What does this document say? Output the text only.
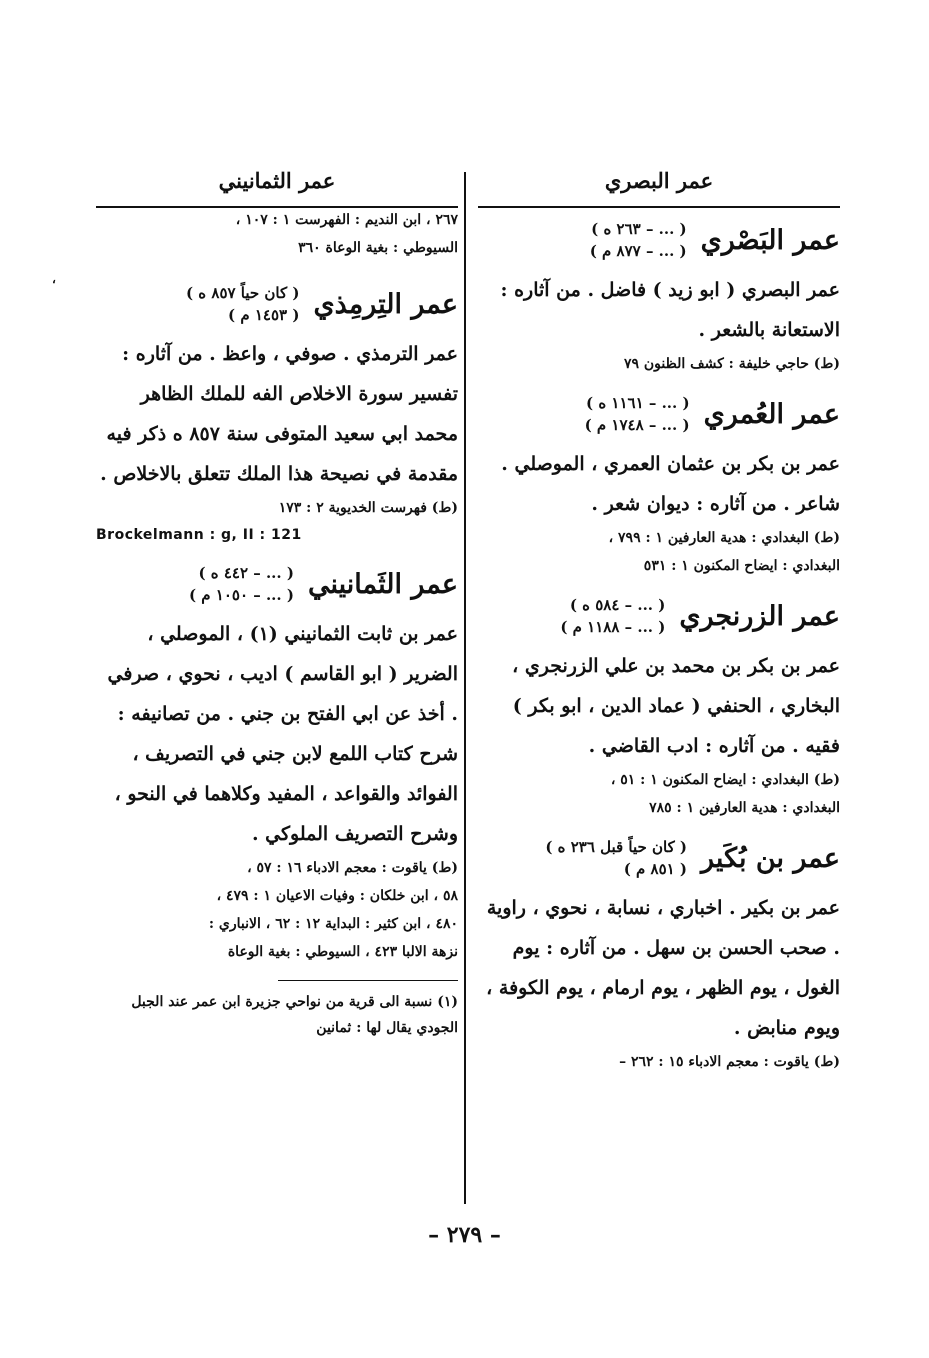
،
عمر البصري
عمر البَصْري
( ... – ٢٦٣ ه )
( ... – ٨٧٧ م )
عمر البصري ( ابو زيد ) فاضل . من آثاره : الاستعانة بالشعر .
(ط) حاجي خليفة : كشف الظنون ٧٩
عمر العُمري
( ... – ١١٦١ ه )
( ... – ١٧٤٨ م )
عمر بن بكر بن عثمان العمري ، الموصلي . شاعر . من آثاره : ديوان شعر .
(ط) البغدادي : هدية العارفين ١ : ٧٩٩ ،
البغدادي : ايضاح المكنون ١ : ٥٣١
عمر الزرنجري
( ... – ٥٨٤ ه )
( ... – ١١٨٨ م )
عمر بن بكر بن محمد بن علي الزرنجري ، البخاري ، الحنفي ( عماد الدين ، ابو بكر ) فقيه . من آثاره : ادب القاضي .
(ط) البغدادي : ايضاح المكنون ١ : ٥١ ،
البغدادي : هدية العارفين ١ : ٧٨٥
عمر بن بُكَير
( كان حياً قبل ٢٣٦ ه )
( ٨٥١ م )
عمر بن بكير . اخباري ، نسابة ، نحوي ، راوية . صحب الحسن بن سهل . من آثاره : يوم الغول ، يوم الظهر ، يوم ارمام ، يوم الكوفة ، ويوم منابض .
(ط) ياقوت : معجم الادباء ١٥ : ٢٦٢ –
عمر الثمانيني
٢٦٧ ، ابن النديم : الفهرست ١ : ١٠٧ ،
السيوطي : بغية الوعاة ٣٦٠
عمر التِرمِذي
( كان حياً ٨٥٧ ه )
( ١٤٥٣ م )
عمر الترمذي . صوفي ، واعظ . من آثاره : تفسير سورة الاخلاص الفه للملك الظاهر محمد ابي سعيد المتوفى سنة ٨٥٧ ه ذكر فيه مقدمة في نصيحة هذا الملك تتعلق بالاخلاص .
(ط) فهرست الخديوية ٢ : ١٧٣
Brockelmann : g, II : 121
عمر الثَمانيني
( ... – ٤٤٢ ه )
( ... – ١٠٥٠ م )
عمر بن ثابت الثمانيني (١) ، الموصلي ، الضرير ( ابو القاسم ) اديب ، نحوي ، صرفي . أخذ عن ابي الفتح بن جني . من تصانيفه : شرح كتاب اللمع لابن جني في التصريف ، الفوائد والقواعد ، المفيد وكلاهما في النحو ، وشرح التصريف الملوكي .
(ط) ياقوت : معجم الادباء ١٦ : ٥٧ ،
٥٨ ، ابن خلكان : وفيات الاعيان ١ : ٤٧٩ ،
٤٨٠ ، ابن كثير : البداية ١٢ : ٦٢ ، الانباري :
نزهة الالبا ٤٢٣ ، السيوطي : بغية الوعاة
(١) نسبة الى قرية من نواحي جزيرة ابن عمر عند الجبل الجودي يقال لها : ثمانين
– ٢٧٩ –
